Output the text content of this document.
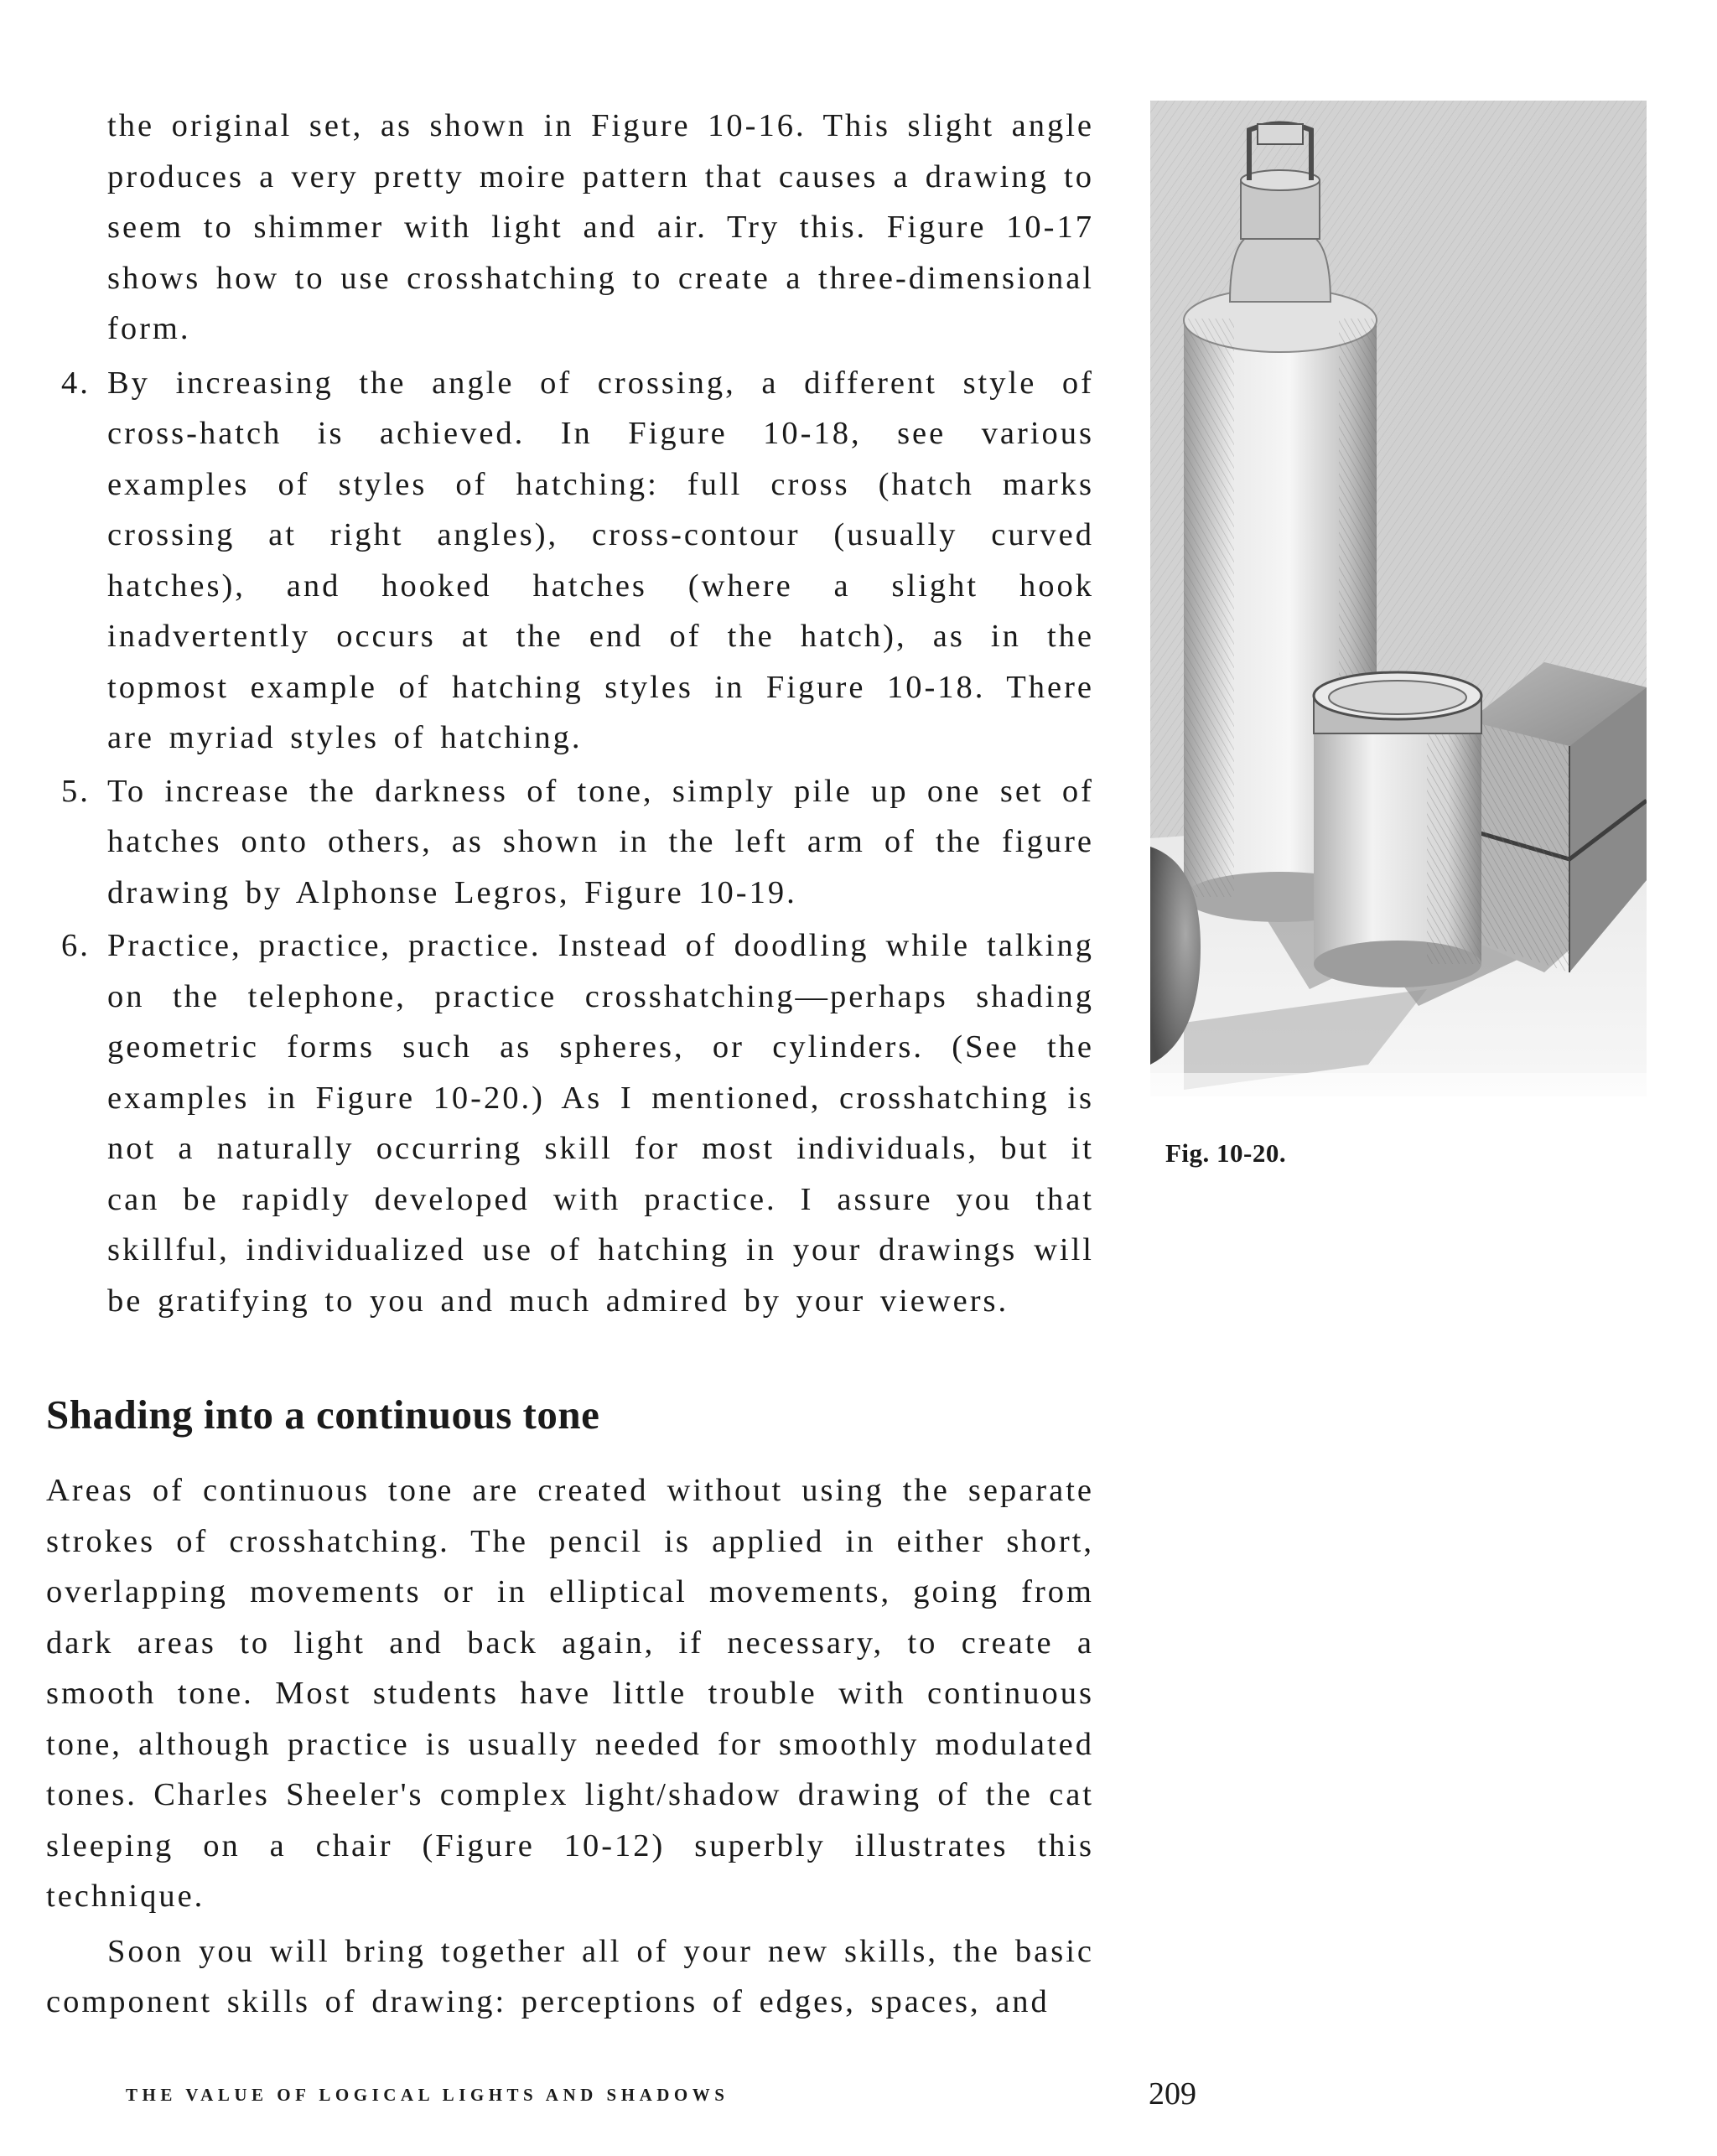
the original set, as shown in Figure 10-16. This slight angle produces a very pretty moire pattern that causes a drawing to seem to shimmer with light and air. Try this. Figure 10-17 shows how to use crosshatching to create a three-dimensional form.

4. By increasing the angle of crossing, a different style of cross-hatch is achieved. In Figure 10-18, see various examples of styles of hatching: full cross (hatch marks crossing at right angles), cross-contour (usually curved hatches), and hooked hatches (where a slight hook inadvertently occurs at the end of the hatch), as in the topmost example of hatching styles in Figure 10-18. There are myriad styles of hatching.

5. To increase the darkness of tone, simply pile up one set of hatches onto others, as shown in the left arm of the figure drawing by Alphonse Legros, Figure 10-19.

6. Practice, practice, practice. Instead of doodling while talking on the telephone, practice crosshatching—perhaps shading geometric forms such as spheres, or cylinders. (See the examples in Figure 10-20.) As I mentioned, crosshatching is not a naturally occurring skill for most individuals, but it can be rapidly developed with practice. I assure you that skillful, individualized use of hatching in your drawings will be gratifying to you and much admired by your viewers.

Shading into a continuous tone

Areas of continuous tone are created without using the separate strokes of crosshatching. The pencil is applied in either short, overlapping movements or in elliptical movements, going from dark areas to light and back again, if necessary, to create a smooth tone. Most students have little trouble with continuous tone, although practice is usually needed for smoothly modulated tones. Charles Sheeler's complex light/shadow drawing of the cat sleeping on a chair (Figure 10-12) superbly illustrates this technique.

Soon you will bring together all of your new skills, the basic component skills of drawing: perceptions of edges, spaces, and

Fig. 10-20.
THE VALUE OF LOGICAL LIGHTS AND SHADOWS	209
